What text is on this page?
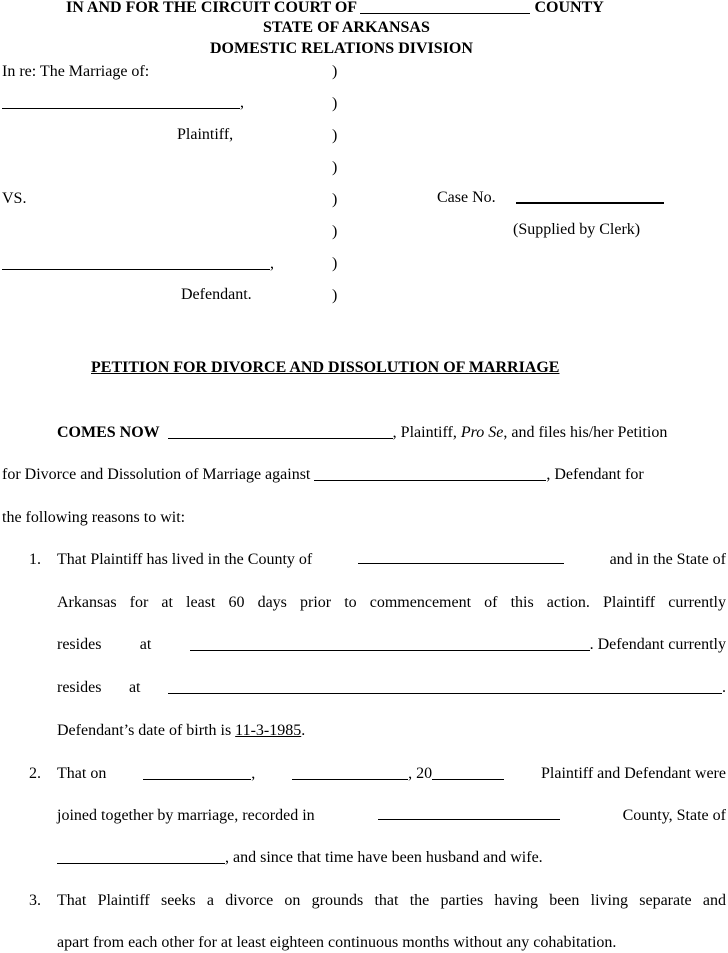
IN AND FOR THE CIRCUIT COURT OF	COUNTY
STATE OF ARKANSAS
DOMESTIC RELATIONS DIVISION
In re: The Marriage of:	)
,	)
Plaintiff,	)
)
VS.	)	Case No.
)	(Supplied by Clerk)
,	)
Defendant.	)
PETITION FOR DIVORCE AND DISSOLUTION OF MARRIAGE
COMES NOW	, Plaintiff, Pro Se, and files his/her Petition
for Divorce and Dissolution of Marriage against	, Defendant for
the following reasons to wit:
1. That Plaintiff has lived in the County of	and in the State of
Arkansas for at least 60 days prior to commencement of this action. Plaintiff currently
resides at	. Defendant currently
resides at	.
Defendant’s date of birth is 11-3-1985.
2. That on	,	, 20	Plaintiff and Defendant were
joined together by marriage, recorded in	County, State of
, and since that time have been husband and wife.
3. That Plaintiff seeks a divorce on grounds that the parties having been living separate and
apart from each other for at least eighteen continuous months without any cohabitation.
